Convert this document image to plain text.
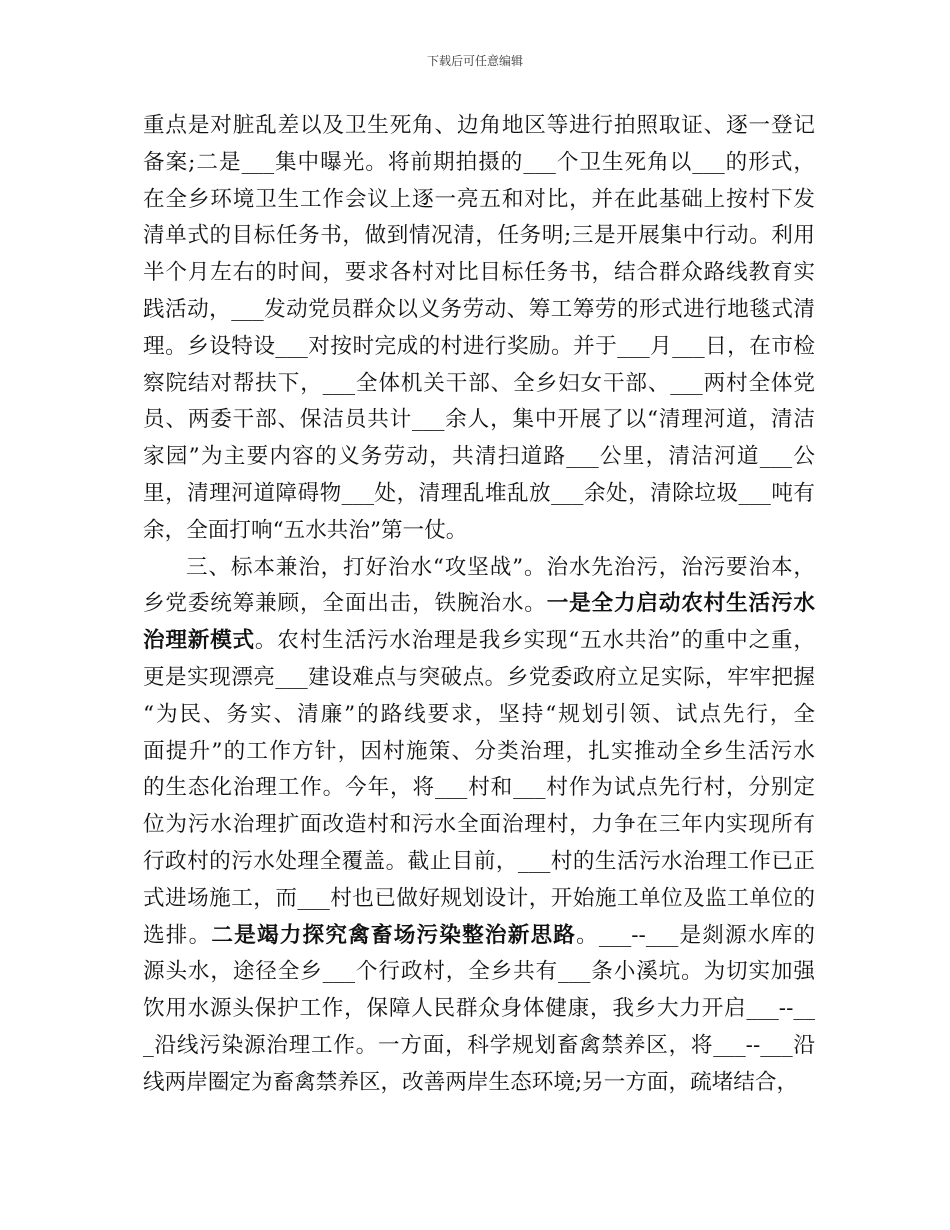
下载后可任意编辑
重点是对脏乱差以及卫生死角、边角地区等进行拍照取证、逐一登记
备案;二是___集中曝光。将前期拍摄的___个卫生死角以___的形式，
在全乡环境卫生工作会议上逐一亮五和对比，并在此基础上按村下发
清单式的目标任务书，做到情况清，任务明;三是开展集中行动。利用
半个月左右的时间，要求各村对比目标任务书，结合群众路线教育实
践活动，___发动党员群众以义务劳动、筹工筹劳的形式进行地毯式清
理。乡设特设___对按时完成的村进行奖励。并于___月___日，在市检
察院结对帮扶下，___全体机关干部、全乡妇女干部、___两村全体党
员、两委干部、保洁员共计___余人，集中开展了以“清理河道，清洁
家园”为主要内容的义务劳动，共清扫道路___公里，清洁河道___公
里，清理河道障碍物___处，清理乱堆乱放___余处，清除垃圾___吨有
余，全面打响“五水共治”第一仗。
三、标本兼治，打好治水“攻坚战”。治水先治污，治污要治本，
乡党委统筹兼顾，全面出击，铁腕治水。一是全力启动农村生活污水
治理新模式。农村生活污水治理是我乡实现“五水共治”的重中之重，
更是实现漂亮___建设难点与突破点。乡党委政府立足实际，牢牢把握
“为民、务实、清廉”的路线要求，坚持“规划引领、试点先行，全
面提升”的工作方针，因村施策、分类治理，扎实推动全乡生活污水
的生态化治理工作。今年，将___村和___村作为试点先行村，分别定
位为污水治理扩面改造村和污水全面治理村，力争在三年内实现所有
行政村的污水处理全覆盖。截止目前，___村的生活污水治理工作已正
式进场施工，而___村也已做好规划设计，开始施工单位及监工单位的
选排。二是竭力探究禽畜场污染整治新思路。___--___是剡源水库的
源头水，途径全乡___个行政村，全乡共有___条小溪坑。为切实加强
饮用水源头保护工作，保障人民群众身体健康，我乡大力开启___--__
_沿线污染源治理工作。一方面，科学规划畜禽禁养区，将___--___沿
线两岸圈定为畜禽禁养区，改善两岸生态环境;另一方面，疏堵结合，
